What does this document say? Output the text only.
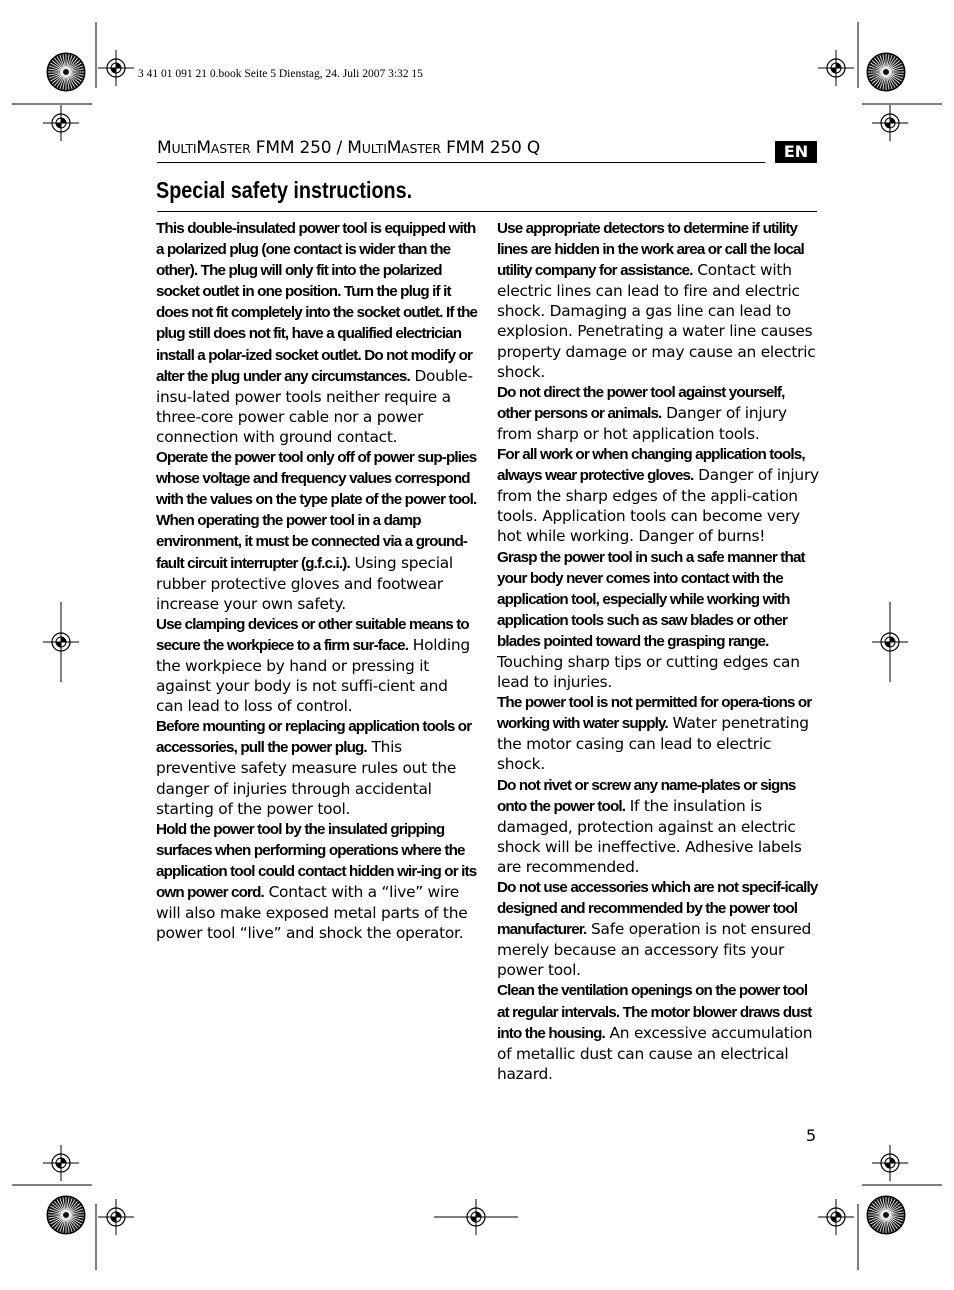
3 41 01 091 21 0.book Seite 5 Dienstag, 24. Juli 2007 3:32 15
MULTIMASTER FMM 250 / MULTIMASTER FMM 250 Q	EN
Special safety instructions.

This double-insulated power tool is equipped with a polarized plug (one contact is wider than the other). The plug will only fit into the polarized socket outlet in one position. Turn the plug if it does not fit completely into the socket outlet. If the plug still does not fit, have a qualified electrician install a polar-ized socket outlet. Do not modify or alter the plug under any circumstances. Double-insu-lated power tools neither require a three-core power cable nor a power connection with ground contact.

Operate the power tool only off of power sup-plies whose voltage and frequency values correspond with the values on the type plate of the power tool.

When operating the power tool in a damp environment, it must be connected via a ground-fault circuit interrupter (g.f.c.i.). Using special rubber protective gloves and footwear increase your own safety.

Use clamping devices or other suitable means to secure the workpiece to a firm sur-face. Holding the workpiece by hand or pressing it against your body is not suffi-cient and can lead to loss of control.

Before mounting or replacing application tools or accessories, pull the power plug. This preventive safety measure rules out the danger of injuries through accidental starting of the power tool.

Hold the power tool by the insulated gripping surfaces when performing operations where the application tool could contact hidden wir-ing or its own power cord. Contact with a “live” wire will also make exposed metal parts of the power tool “live” and shock the operator.

Use appropriate detectors to determine if utility lines are hidden in the work area or call the local utility company for assistance. Contact with electric lines can lead to fire and electric shock. Damaging a gas line can lead to explosion. Penetrating a water line causes property damage or may cause an electric shock.

Do not direct the power tool against yourself, other persons or animals. Danger of injury from sharp or hot application tools.

For all work or when changing application tools, always wear protective gloves. Danger of injury from the sharp edges of the appli-cation tools. Application tools can become very hot while working. Danger of burns!

Grasp the power tool in such a safe manner that your body never comes into contact with the application tool, especially while working with application tools such as saw blades or other blades pointed toward the grasping range. Touching sharp tips or cutting edges can lead to injuries.

The power tool is not permitted for opera-tions or working with water supply. Water penetrating the motor casing can lead to electric shock.

Do not rivet or screw any name-plates or signs onto the power tool. If the insulation is damaged, protection against an electric shock will be ineffective. Adhesive labels are recommended.

Do not use accessories which are not specif-ically designed and recommended by the power tool manufacturer. Safe operation is not ensured merely because an accessory fits your power tool.

Clean the ventilation openings on the power tool at regular intervals. The motor blower draws dust into the housing. An excessive accumulation of metallic dust can cause an electrical hazard.

5
